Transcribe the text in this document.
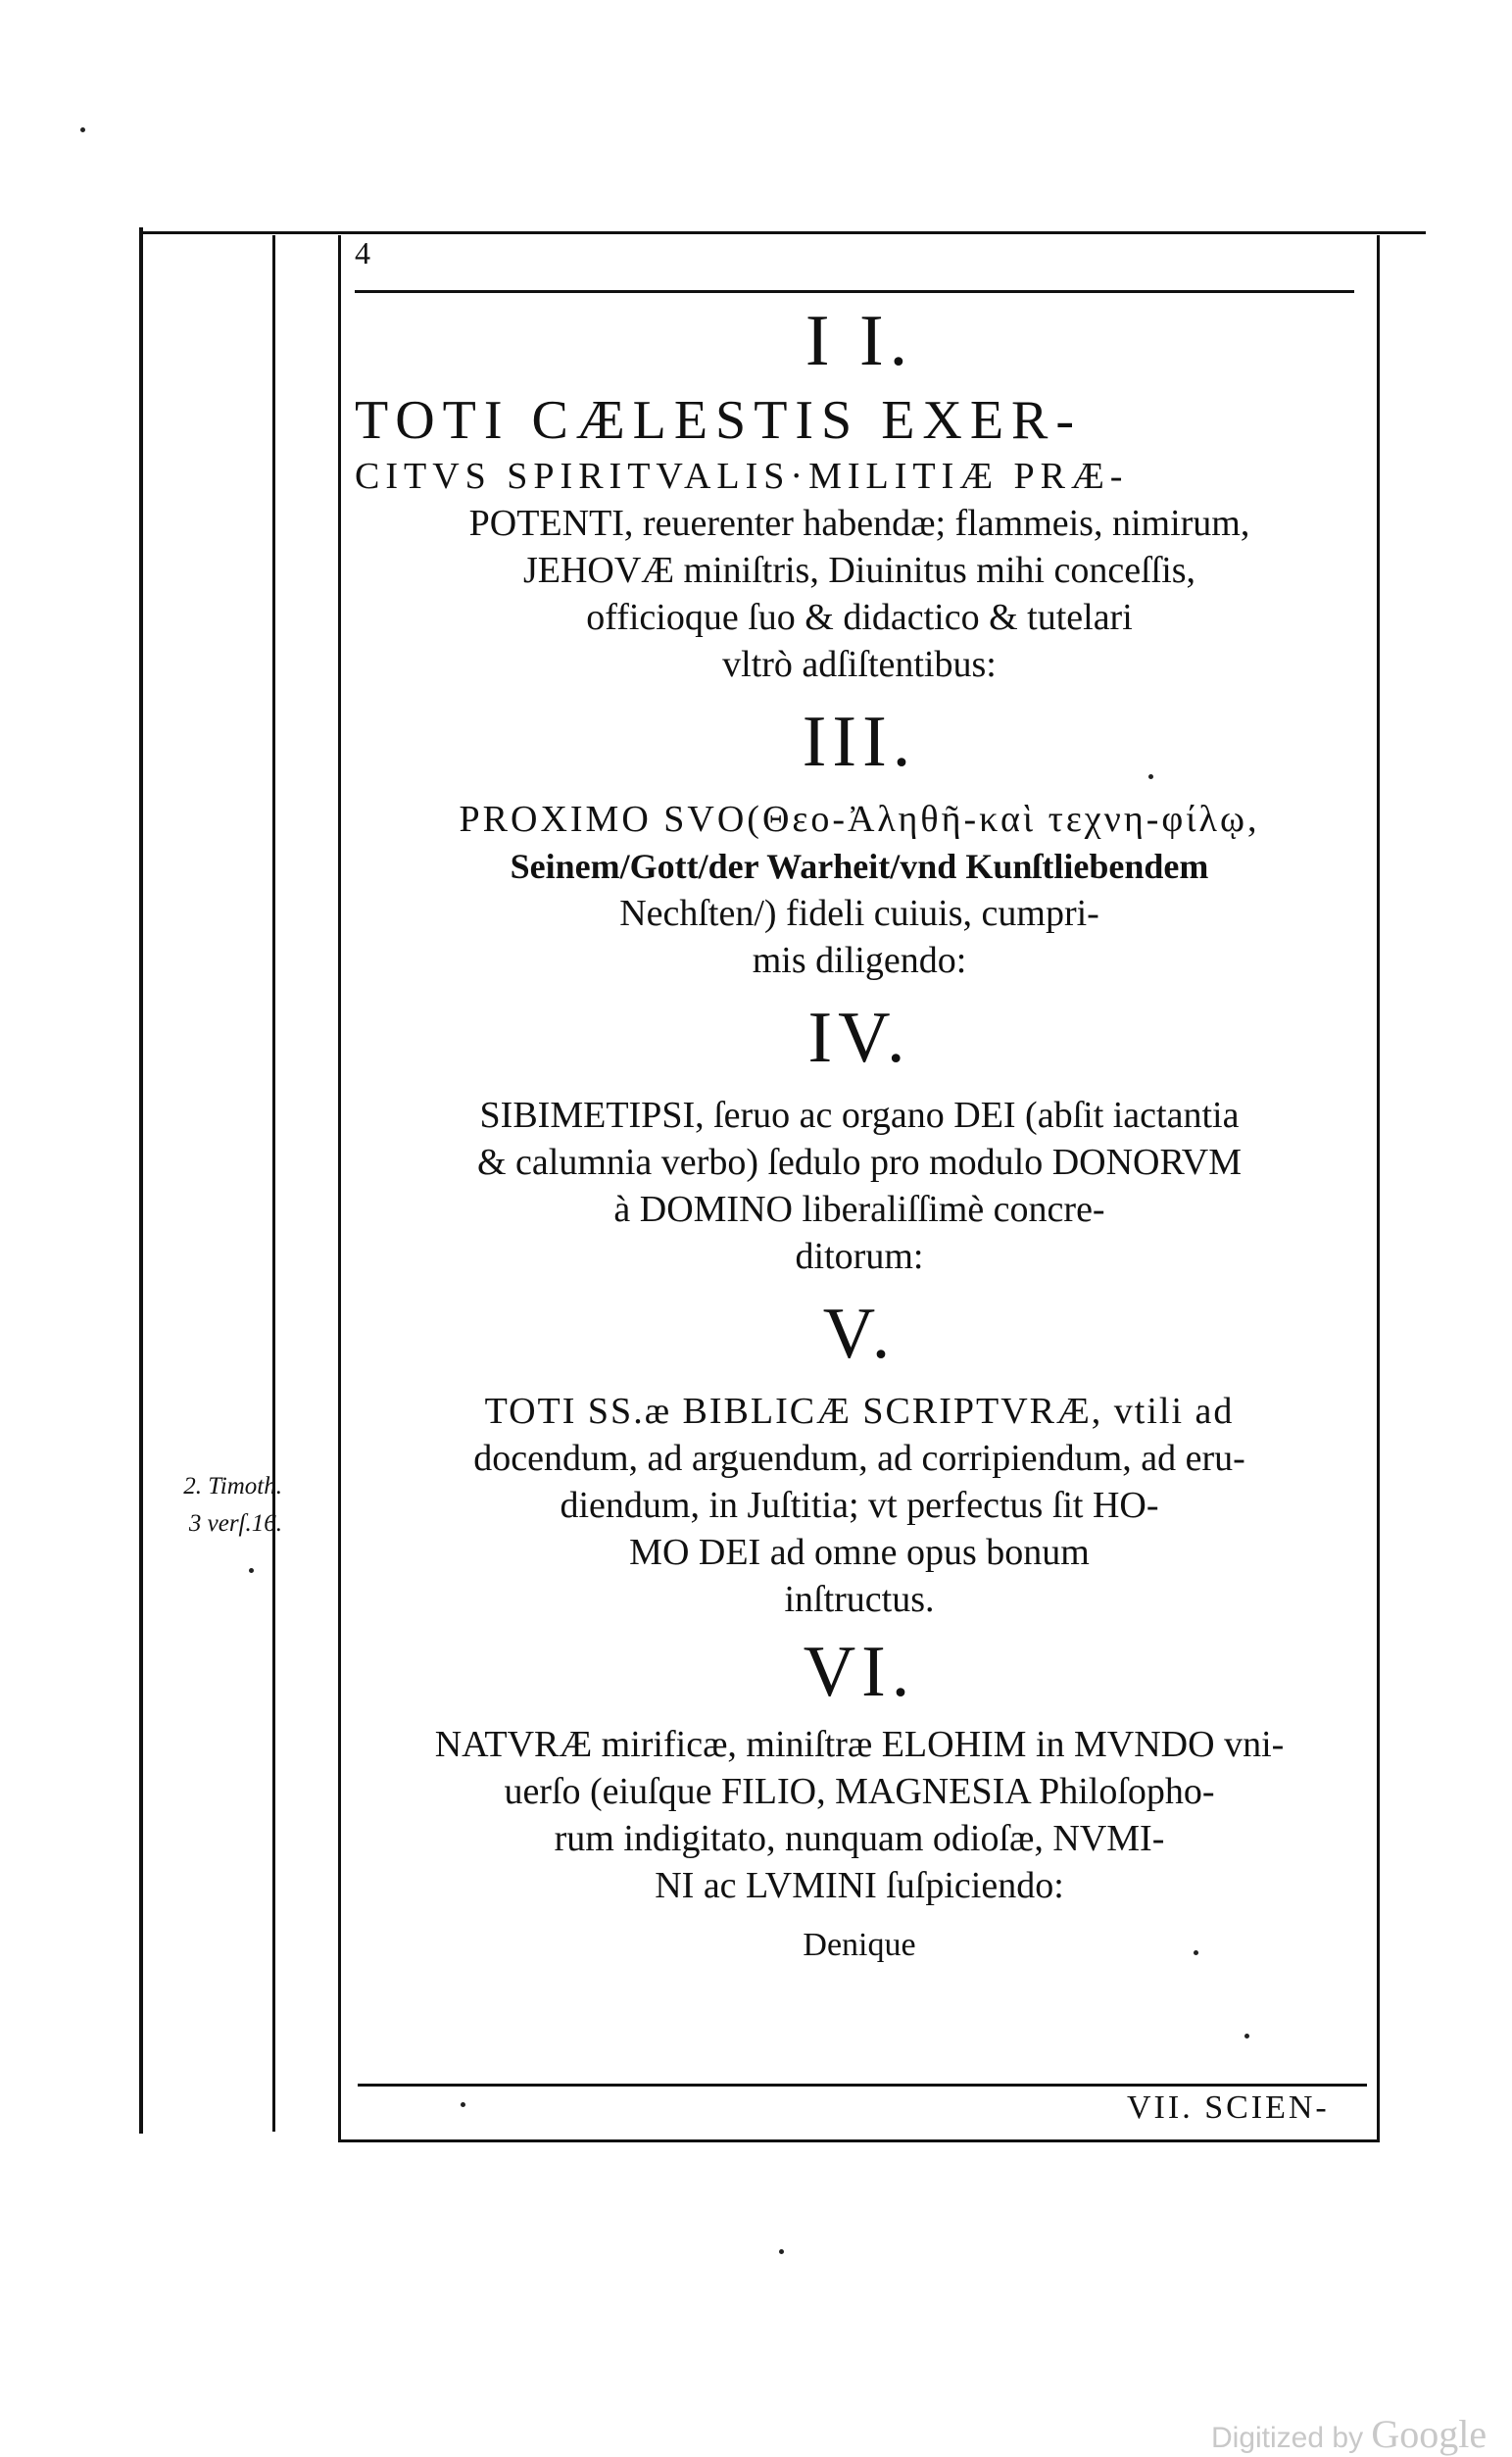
4
VII. SCIEN-
2. Timoth.
3 verſ.16.
I I.
TOTI CÆLESTIS EXER-
CITVS SPIRITVALIS·MILITIÆ PRÆ-
POTENTI, reuerenter habendæ; flammeis, nimirum,
JEHOVÆ miniſtris, Diuinitus mihi conceſſis,
officioque ſuo & didactico & tutelari
vltrò adſiſtentibus:
III.
PROXIMO SVO(Θεο-Ἀληθῆ-καὶ τεχνη-φίλῳ,
Seinem/Gott/der Warheit/vnd Kunſtliebendem
Nechſten/) fideli cuiuis, cumpri-
mis diligendo:
IV.
SIBIMETIPSI, ſeruo ac organo DEI (abſit iactantia
& calumnia verbo) ſedulo pro modulo DONORVM
à DOMINO liberaliſſimè concre-
ditorum:
V.
TOTI SS.æ BIBLICÆ SCRIPTVRÆ, vtili ad
docendum, ad arguendum, ad corripiendum, ad eru-
diendum, in Juſtitia; vt perfectus ſit HO-
MO DEI ad omne opus bonum
inſtructus.
VI.
NATVRÆ mirificæ, miniſtræ ELOHIM in MVNDO vni-
uerſo (eiuſque FILIO, MAGNESIA Philoſopho-
rum indigitato, nunquam odioſæ, NVMI-
NI ac LVMINI ſuſpiciendo:
Denique
Digitized by Google
